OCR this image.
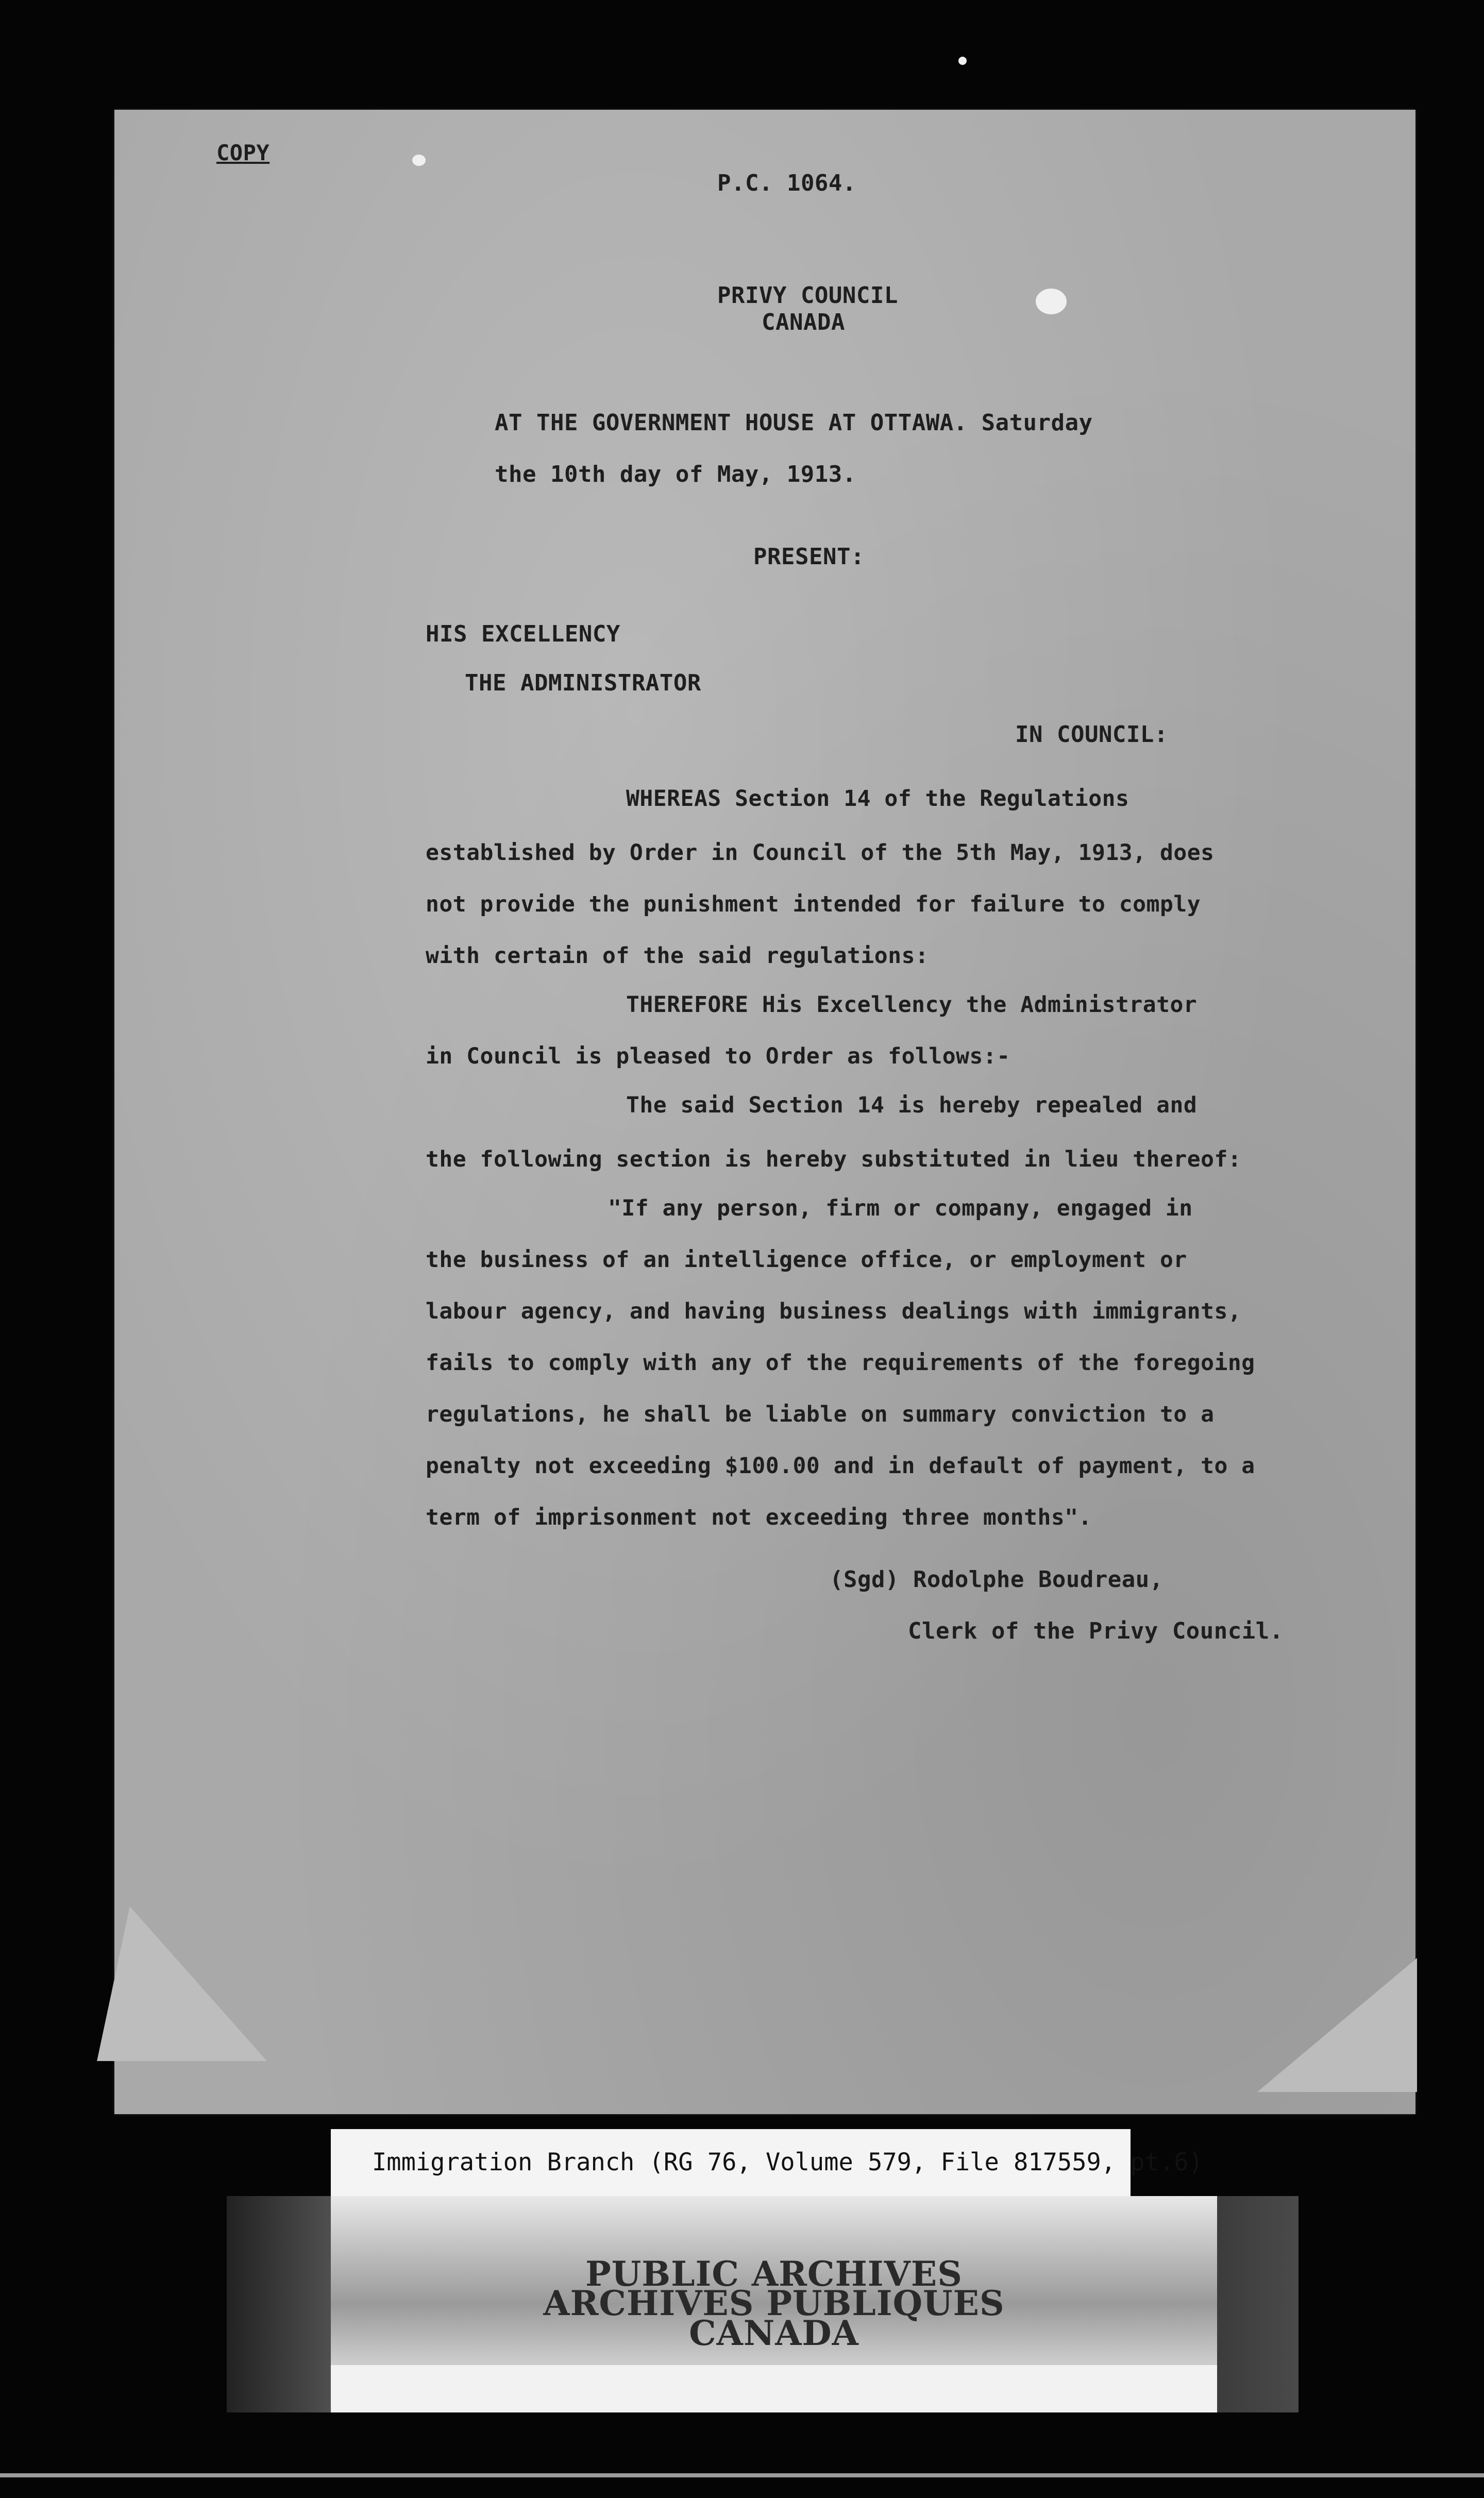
COPY
P.C. 1064.
PRIVY COUNCIL
CANADA
AT THE GOVERNMENT HOUSE AT OTTAWA. Saturday
the 10th day of May, 1913.
PRESENT:
HIS EXCELLENCY
THE ADMINISTRATOR
IN COUNCIL:
WHEREAS Section 14 of the Regulations
established by Order in Council of the 5th May, 1913, does
not provide the punishment intended for failure to comply
with certain of the said regulations:
THEREFORE His Excellency the Administrator
in Council is pleased to Order as follows:-
The said Section 14 is hereby repealed and
the following section is hereby substituted in lieu thereof:
"If any person, firm or company, engaged in
the business of an intelligence office, or employment or
labour agency, and having business dealings with immigrants,
fails to comply with any of the requirements of the foregoing
regulations, he shall be liable on summary conviction to a
penalty not exceeding $100.00 and in default of payment, to a
term of imprisonment not exceeding three months".
(Sgd) Rodolphe Boudreau,
Clerk of the Privy Council.
Immigration Branch (RG 76, Volume 579, File 817559, pt.6)
PUBLIC ARCHIVES
ARCHIVES PUBLIQUES
CANADA
